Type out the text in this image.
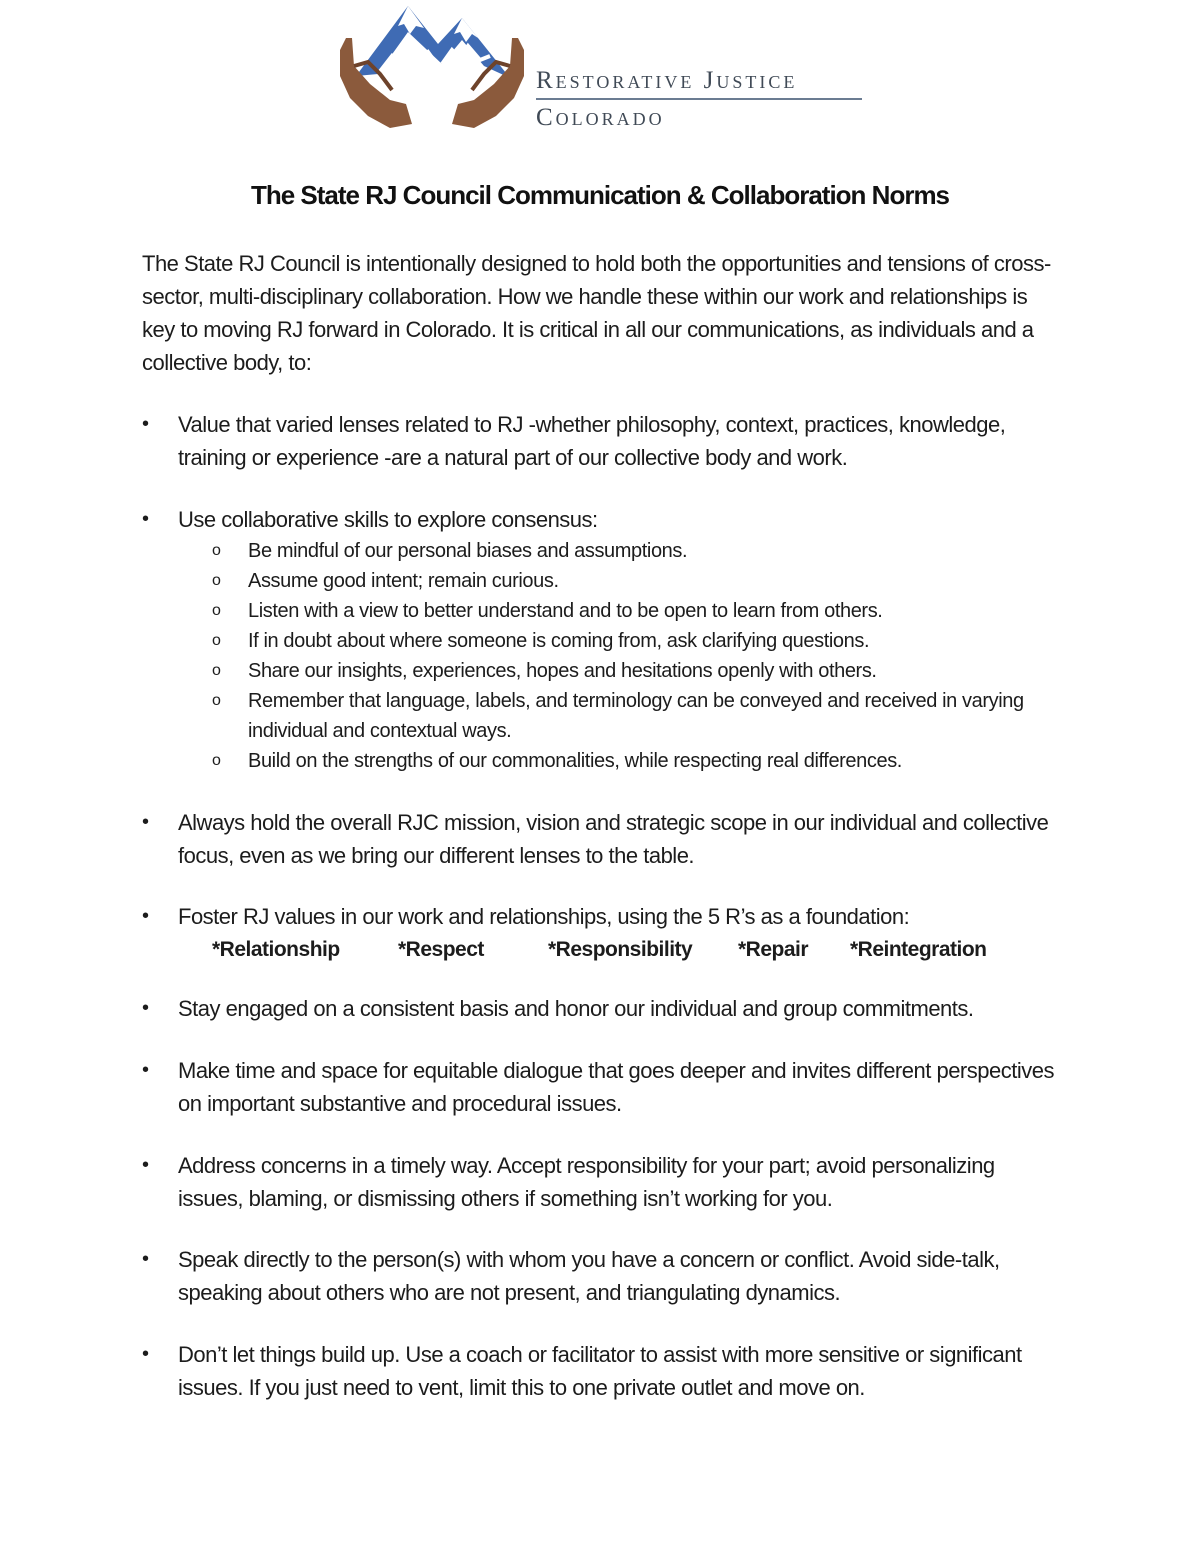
Restorative Justice
Colorado
The State RJ Council Communication & Collaboration Norms

The State RJ Council is intentionally designed to hold both the opportunities and tensions of cross-sector, multi-disciplinary collaboration. How we handle these within our work and relationships is key to moving RJ forward in Colorado. It is critical in all our communications, as individuals and a collective body, to:

•	Value that varied lenses related to RJ -whether philosophy, context, practices, knowledge, training or experience -are a natural part of our collective body and work.
•	Use collaborative skills to explore consensus:
o Be mindful of our personal biases and assumptions.
o Assume good intent; remain curious.
o Listen with a view to better understand and to be open to learn from others.
o If in doubt about where someone is coming from, ask clarifying questions.
o Share our insights, experiences, hopes and hesitations openly with others.
o Remember that language, labels, and terminology can be conveyed and received in varying individual and contextual ways.
o Build on the strengths of our commonalities, while respecting real differences.
•	Always hold the overall RJC mission, vision and strategic scope in our individual and collective focus, even as we bring our different lenses to the table.
•	Foster RJ values in our work and relationships, using the 5 R’s as a foundation:
*Relationship	*Respect	*Responsibility *Repair *Reintegration
•	Stay engaged on a consistent basis and honor our individual and group commitments.
•	Make time and space for equitable dialogue that goes deeper and invites different perspectives on important substantive and procedural issues.
•	Address concerns in a timely way. Accept responsibility for your part; avoid personalizing issues, blaming, or dismissing others if something isn’t working for you.
•	Speak directly to the person(s) with whom you have a concern or conflict. Avoid side-talk, speaking about others who are not present, and triangulating dynamics.
•	Don’t let things build up. Use a coach or facilitator to assist with more sensitive or significant issues. If you just need to vent, limit this to one private outlet and move on.
